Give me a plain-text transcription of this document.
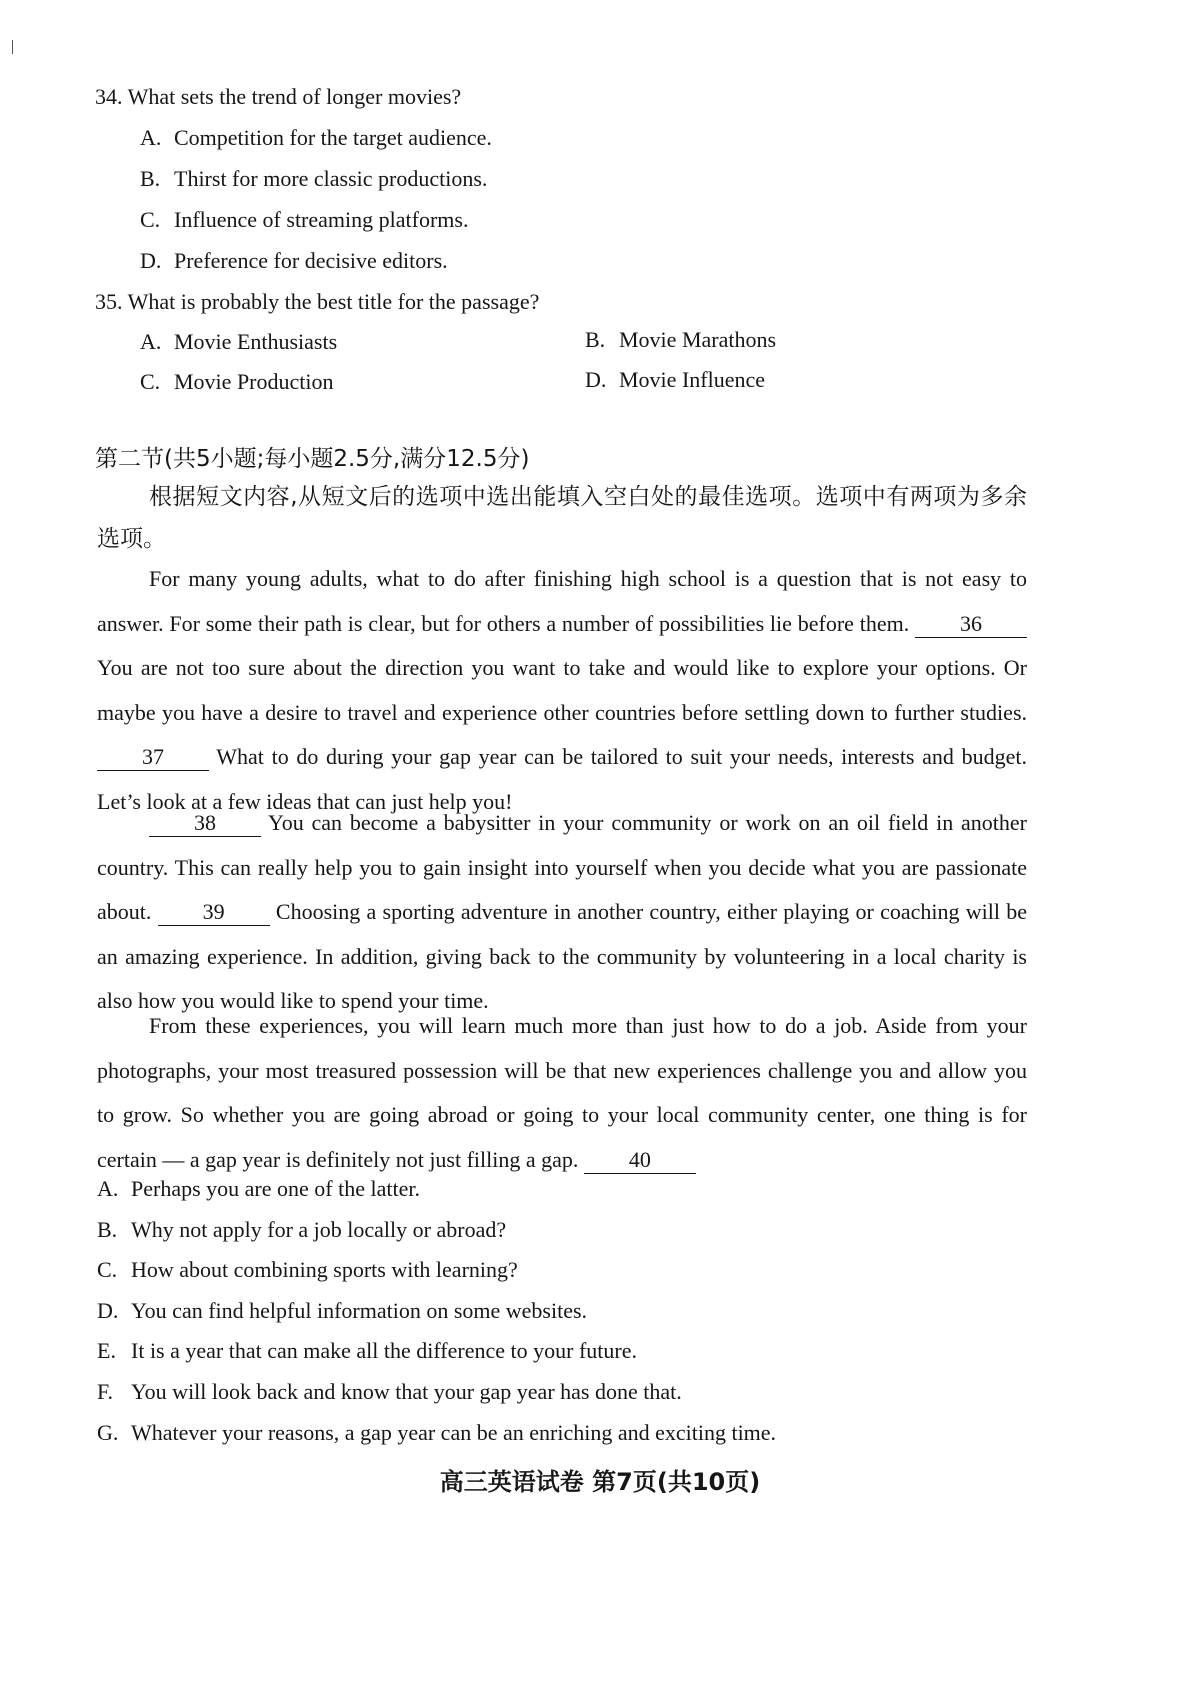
34. What sets the trend of longer movies?
A. Competition for the target audience.
B. Thirst for more classic productions.
C. Influence of streaming platforms.
D. Preference for decisive editors.
35. What is probably the best title for the passage?
A. Movie Enthusiasts	B. Movie Marathons
C. Movie Production	D. Movie Influence
第二节(共5小题;每小题2.5分,满分12.5分)

根据短文内容,从短文后的选项中选出能填入空白处的最佳选项。选项中有两项为多余选项。

For many young adults, what to do after finishing high school is a question that is not easy to answer. For some their path is clear, but for others a number of possibilities lie before them. 36 You are not too sure about the direction you want to take and would like to explore your options. Or maybe you have a desire to travel and experience other countries before settling down to further studies. 37 What to do during your gap year can be tailored to suit your needs, interests and budget. Let’s look at a few ideas that can just help you!

38 You can become a babysitter in your community or work on an oil field in another country. This can really help you to gain insight into yourself when you decide what you are passionate about. 39 Choosing a sporting adventure in another country, either playing or coaching will be an amazing experience. In addition, giving back to the community by volunteering in a local charity is also how you would like to spend your time.

From these experiences, you will learn much more than just how to do a job. Aside from your photographs, your most treasured possession will be that new experiences challenge you and allow you to grow. So whether you are going abroad or going to your local community center, one thing is for certain — a gap year is definitely not just filling a gap. 40

A. Perhaps you are one of the latter.
B. Why not apply for a job locally or abroad?
C. How about combining sports with learning?
D. You can find helpful information on some websites.
E. It is a year that can make all the difference to your future.
F. You will look back and know that your gap year has done that.
G. Whatever your reasons, a gap year can be an enriching and exciting time.
高三英语试卷 第7页(共10页)
